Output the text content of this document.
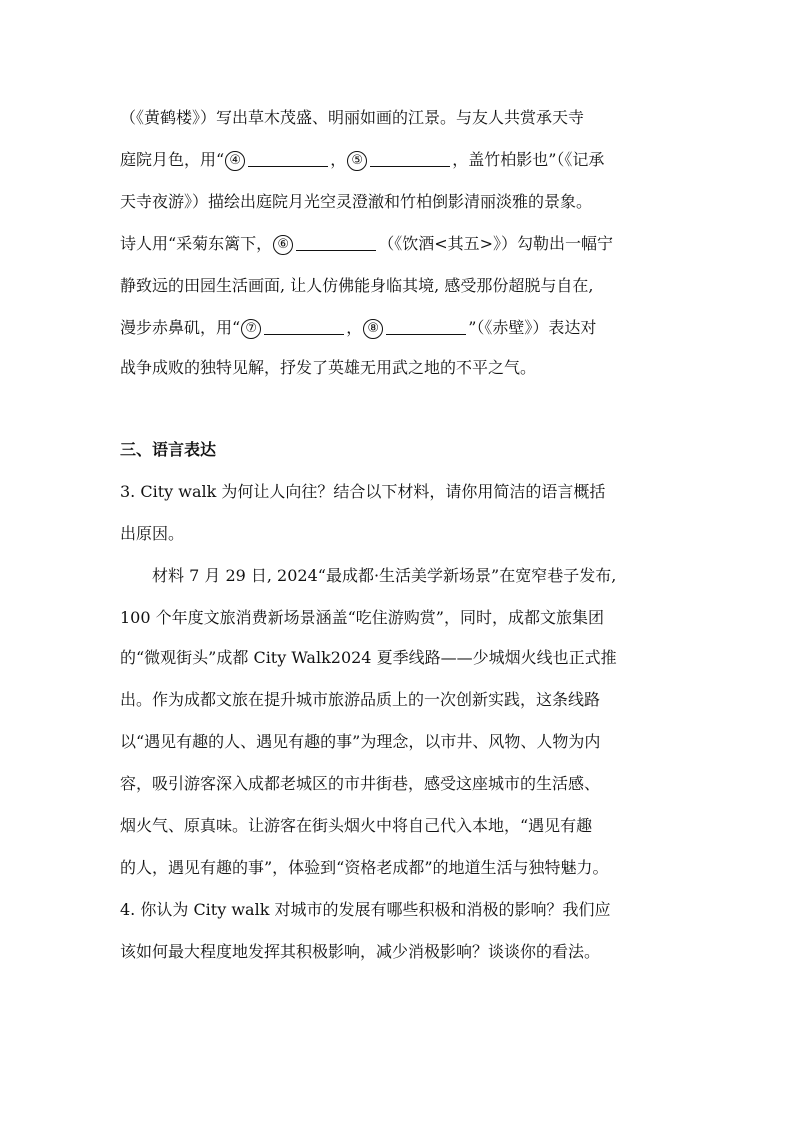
（《黄鹤楼》）写出草木茂盛、明丽如画的江景。与友人共赏承天寺
庭院月色，用“ ④	， ⑤	，盖竹柏影也”（《记承
天寺夜游》）描绘出庭院月光空灵澄澈和竹柏倒影清丽淡雅的景象。
诗人用“采菊东篱下， ⑥	（《饮酒<其五>》）勾勒出一幅宁
静致远的田园生活画面, 让人仿佛能身临其境, 感受那份超脱与自在,
漫步赤鼻矶，用“ ⑦	， ⑧	”（《赤壁》）表达对
战争成败的独特见解，抒发了英雄无用武之地的不平之气。
三、语言表达
3. City walk 为何让人向往？结合以下材料，请你用简洁的语言概括
出原因。
材料 7 月 29 日, 2024“最成都·生活美学新场景”在宽窄巷子发布,
100 个年度文旅消费新场景涵盖“吃住游购赏”，同时，成都文旅集团
的“微观街头”成都 City Walk2024 夏季线路——少城烟火线也正式推
出。作为成都文旅在提升城市旅游品质上的一次创新实践，这条线路
以“遇见有趣的人、遇见有趣的事”为理念，以市井、风物、人物为内
容，吸引游客深入成都老城区的市井街巷，感受这座城市的生活感、
烟火气、原真味。让游客在街头烟火中将自己代入本地，“遇见有趣
的人，遇见有趣的事”，体验到“资格老成都”的地道生活与独特魅力。
4. 你认为 City walk 对城市的发展有哪些积极和消极的影响？我们应
该如何最大程度地发挥其积极影响，减少消极影响？谈谈你的看法。
